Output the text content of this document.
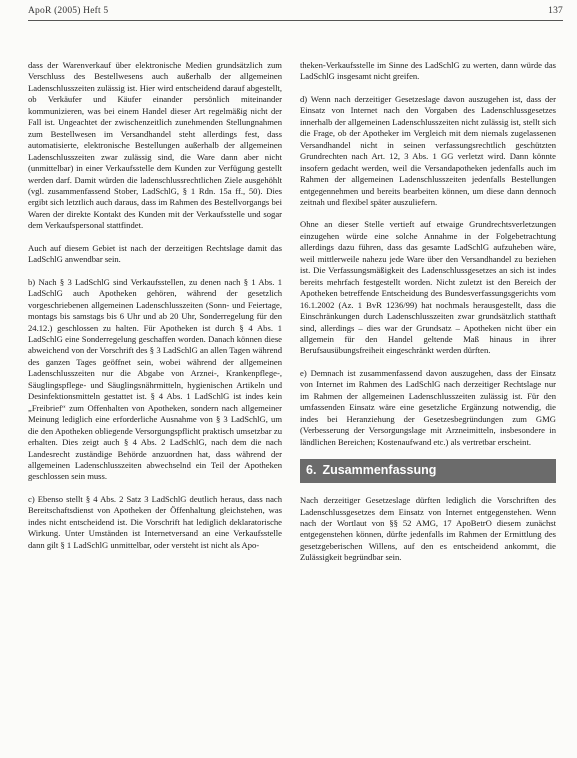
ApoR (2005) Heft 5	137

dass der Warenverkauf über elektronische Medien grundsätzlich zum Verschluss des Bestellwesens auch außerhalb der allgemeinen Ladenschlusszeiten zulässig ist. Hier wird entscheidend darauf abgestellt, ob Verkäufer und Käufer einander persönlich miteinander kommunizieren, was bei einem Handel dieser Art regelmäßig nicht der Fall ist. Ungeachtet der zwischenzeitlich zunehmenden Stellungnahmen zum Bestellwesen im Versandhandel steht allerdings fest, dass automatisierte, elektronische Bestellungen außerhalb der allgemeinen Ladenschlusszeiten zwar zulässig sind, die Ware dann aber nicht (unmittelbar) in einer Verkaufsstelle dem Kunden zur Verfügung gestellt werden darf. Damit würden die ladenschlussrechtlichen Ziele ausgehöhlt (vgl. zusammenfassend Stober, LadSchlG, § 1 Rdn. 15a ff., 50). Dies ergibt sich letztlich auch daraus, dass im Rahmen des Bestellvorgangs bei Waren der direkte Kontakt des Kunden mit der Verkaufsstelle und sogar dem Verkaufspersonal stattfindet.

Auch auf diesem Gebiet ist nach der derzeitigen Rechtslage damit das LadSchlG anwendbar sein.

b) Nach § 3 LadSchlG sind Verkaufsstellen, zu denen nach § 1 Abs. 1 LadSchlG auch Apotheken gehören, während der gesetzlich vorgeschriebenen allgemeinen Ladenschlusszeiten (Sonn- und Feiertage, montags bis samstags bis 6 Uhr und ab 20 Uhr, Sonderregelung für den 24.12.) geschlossen zu halten. Für Apotheken ist durch § 4 Abs. 1 LadSchlG eine Sonderregelung geschaffen worden. Danach können diese abweichend von der Vorschrift des § 3 LadSchlG an allen Tagen während des ganzen Tages geöffnet sein, wobei während der allgemeinen Ladenschlusszeiten nur die Abgabe von Arznei-, Krankenpflege-, Säuglingspflege- und Säuglingsnährmitteln, hygienischen Artikeln und Desinfektionsmitteln gestattet ist. § 4 Abs. 1 LadSchlG ist indes kein „Freibrief“ zum Offenhalten von Apotheken, sondern nach allgemeiner Meinung lediglich eine erforderliche Ausnahme von § 3 LadSchlG, um die den Apotheken obliegende Versorgungspflicht praktisch umsetzbar zu erhalten. Dies zeigt auch § 4 Abs. 2 LadSchlG, nach dem die nach Landesrecht zuständige Behörde anzuordnen hat, dass während der allgemeinen Ladenschlusszeiten abwechselnd ein Teil der Apotheken geschlossen sein muss.

c) Ebenso stellt § 4 Abs. 2 Satz 3 LadSchlG deutlich heraus, dass nach Bereitschaftsdienst von Apotheken der Öffenhaltung gleichstehen, was indes nicht entscheidend ist. Die Vorschrift hat lediglich deklaratorische Wirkung. Unter Umständen ist Internetversand an eine Verkaufsstelle dann gilt § 1 LadSchlG unmittelbar, oder versteht ist nicht als Apo-

theken-Verkaufsstelle im Sinne des LadSchlG zu werten, dann würde das LadSchlG insgesamt nicht greifen.

d) Wenn nach derzeitiger Gesetzeslage davon auszugehen ist, dass der Einsatz von Internet nach den Vorgaben des Ladenschlussgesetzes innerhalb der allgemeinen Ladenschlusszeiten nicht zulässig ist, stellt sich die Frage, ob der Apotheker im Vergleich mit dem niemals zugelassenen Versandhandel nicht in seinen verfassungsrechtlich geschützten Grundrechten nach Art. 12, 3 Abs. 1 GG verletzt wird. Dann könnte insofern gedacht werden, weil die Versandapotheken jedenfalls auch im Rahmen der allgemeinen Ladenschlusszeiten jedenfalls Bestellungen entgegennehmen und bereits bearbeiten können, um diese dann dennoch zeitnah und flexibel später auszuliefern.

Ohne an dieser Stelle vertieft auf etwaige Grundrechtsverletzungen einzugehen würde eine solche Annahme in der Folgebetrachtung allerdings dazu führen, dass das gesamte LadSchlG aufzuheben wäre, weil mittlerweile nahezu jede Ware über den Versandhandel zu beziehen ist. Die Verfassungsmäßigkeit des Ladenschlussgesetzes an sich ist indes bereits mehrfach festgestellt worden. Nicht zuletzt ist den Bereich der Apotheken betreffende Entscheidung des Bundesverfassungsgerichts vom 16.1.2002 (Az. 1 BvR 1236/99) hat nochmals herausgestellt, dass die Einschränkungen durch Ladenschlusszeiten zwar grundsätzlich statthaft sind, allerdings – dies war der Grundsatz – Apotheken nicht über ein allgemein für den Handel geltende Maß hinaus in ihrer Berufsausübungsfreiheit eingeschränkt werden dürften.

e) Demnach ist zusammenfassend davon auszugehen, dass der Einsatz von Internet im Rahmen des LadSchlG nach derzeitiger Rechtslage nur im Rahmen der allgemeinen Ladenschlusszeiten zulässig ist. Für den umfassenden Einsatz wäre eine gesetzliche Ergänzung notwendig, die indes bei Heranziehung der Gesetzesbegründungen zum GMG (Verbesserung der Versorgungslage mit Arzneimitteln, insbesondere in ländlichen Bereichen; Kostenaufwand etc.) als vertretbar erscheint.

6. Zusammenfassung

Nach derzeitiger Gesetzeslage dürften lediglich die Vorschriften des Ladenschlussgesetzes dem Einsatz von Internet entgegenstehen. Wenn nach der Wortlaut von §§ 52 AMG, 17 ApoBetrO diesem zunächst entgegenstehen können, dürfte jedenfalls im Rahmen der Ermittlung des gesetzgeberischen Willens, auf den es entscheidend ankommt, die Zulässigkeit begründbar sein.
